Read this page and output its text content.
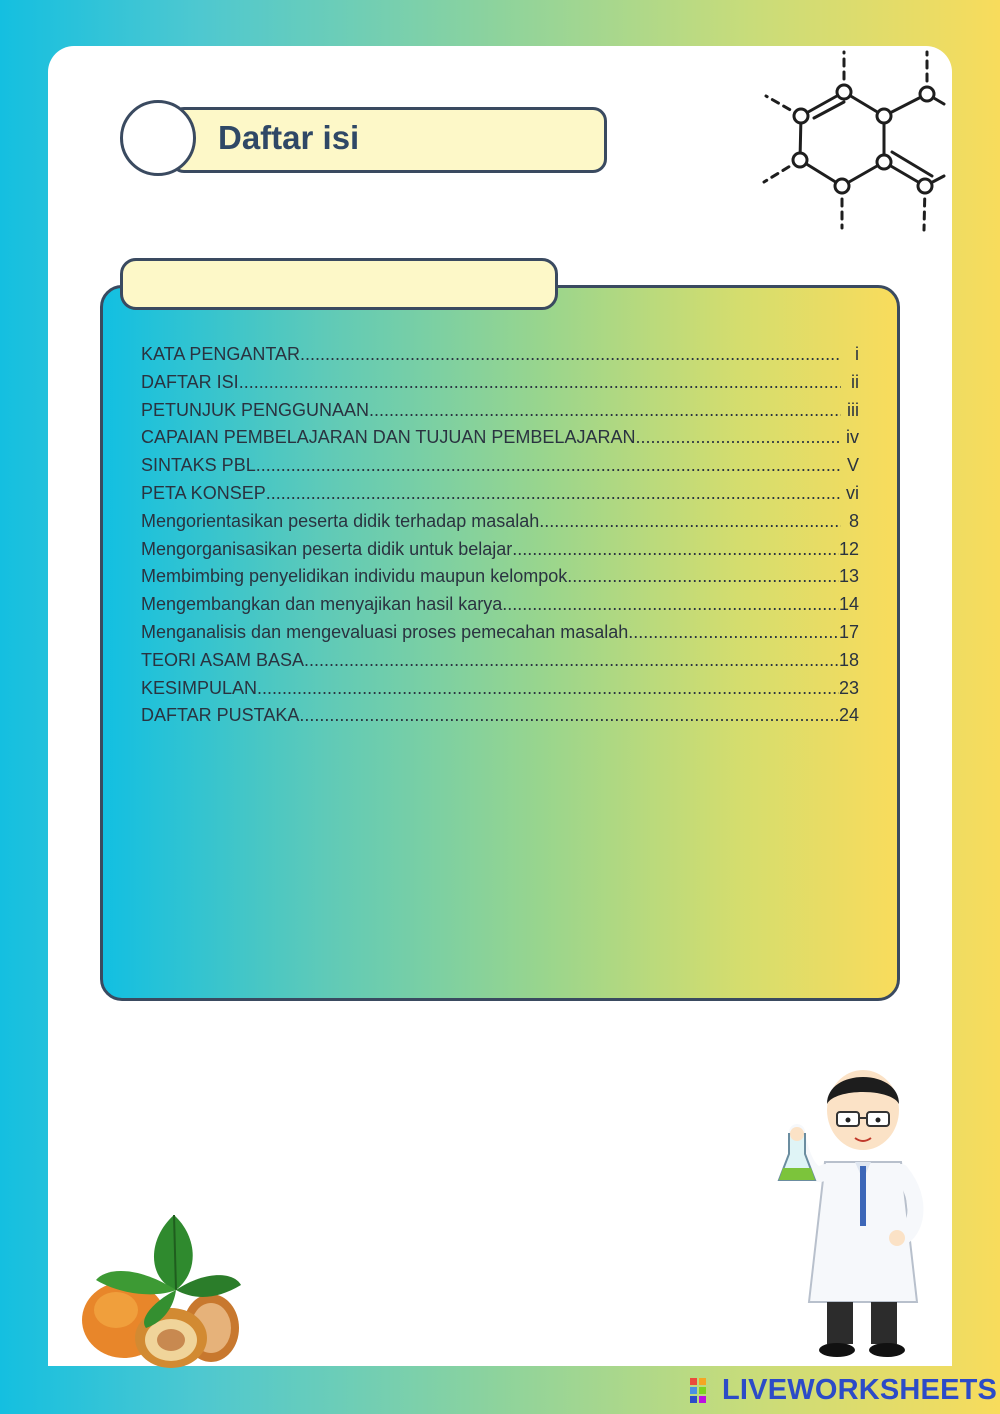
Daftar isi
KATA PENGANTAR .....	i
DAFTAR ISI .....	ii
PETUNJUK PENGGUNAAN .....	iii
CAPAIAN PEMBELAJARAN DAN TUJUAN PEMBELAJARAN .....	iv
SINTAKS PBL .....	V
PETA KONSEP .....	vi
Mengorientasikan peserta didik terhadap masalah .....	8
Mengorganisasikan peserta didik untuk belajar .....	12
Membimbing penyelidikan individu maupun kelompok .....	13
Mengembangkan dan menyajikan hasil karya .....	14
Menganalisis dan mengevaluasi proses pemecahan masalah .....	17
TEORI ASAM BASA .....	18
KESIMPULAN .....	23
DAFTAR PUSTAKA .....	24
LIVEWORKSHEETS
